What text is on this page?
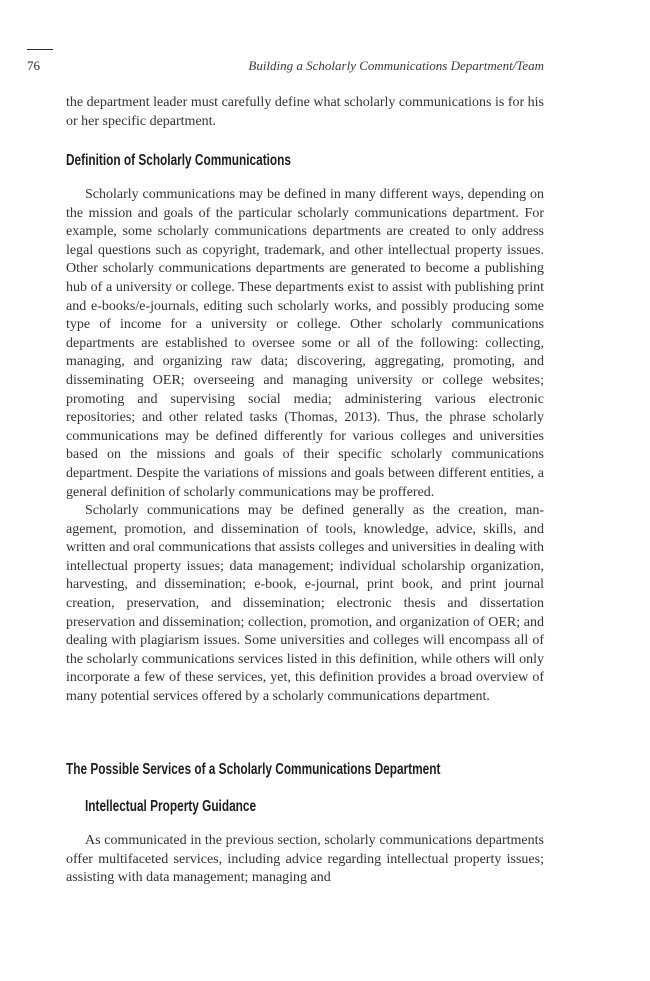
76	Building a Scholarly Communications Department/Team

the department leader must carefully define what scholarly communications is for his or her specific department.

Definition of Scholarly Communications

Scholarly communications may be defined in many different ways, depending on the mission and goals of the particular scholarly communications department. For example, some scholarly communications departments are created to only address legal questions such as copyright, trademark, and other intellectual property issues. Other scholarly communications departments are generated to become a publishing hub of a university or college. These departments exist to assist with publishing print and e-books/e-journals, editing such scholarly works, and possibly producing some type of income for a university or college. Other scholarly communications departments are established to oversee some or all of the following: collecting, managing, and organizing raw data; discovering, aggregating, promoting, and disseminating OER; overseeing and managing university or college websites; promoting and supervising social media; administering various electronic repositories; and other related tasks (Thomas, 2013). Thus, the phrase scholarly communications may be defined differently for various colleges and universities based on the missions and goals of their specific scholarly communications department. Despite the variations of missions and goals between different entities, a general definition of scholarly communications may be proffered.

Scholarly communications may be defined generally as the creation, management, promotion, and dissemination of tools, knowledge, advice, skills, and written and oral communications that assists colleges and universities in dealing with intellectual property issues; data management; individual scholarship organization, harvesting, and dissemination; e-book, e-journal, print book, and print journal creation, preservation, and dissemination; electronic thesis and dissertation preservation and dissemination; collection, promotion, and organization of OER; and dealing with plagiarism issues. Some universities and colleges will encompass all of the scholarly communications services listed in this definition, while others will only incorporate a few of these services, yet, this definition provides a broad overview of many potential services offered by a scholarly communications department.

The Possible Services of a Scholarly Communications Department
Intellectual Property Guidance

As communicated in the previous section, scholarly communications departments offer multifaceted services, including advice regarding intellectual property issues; assisting with data management; managing and
